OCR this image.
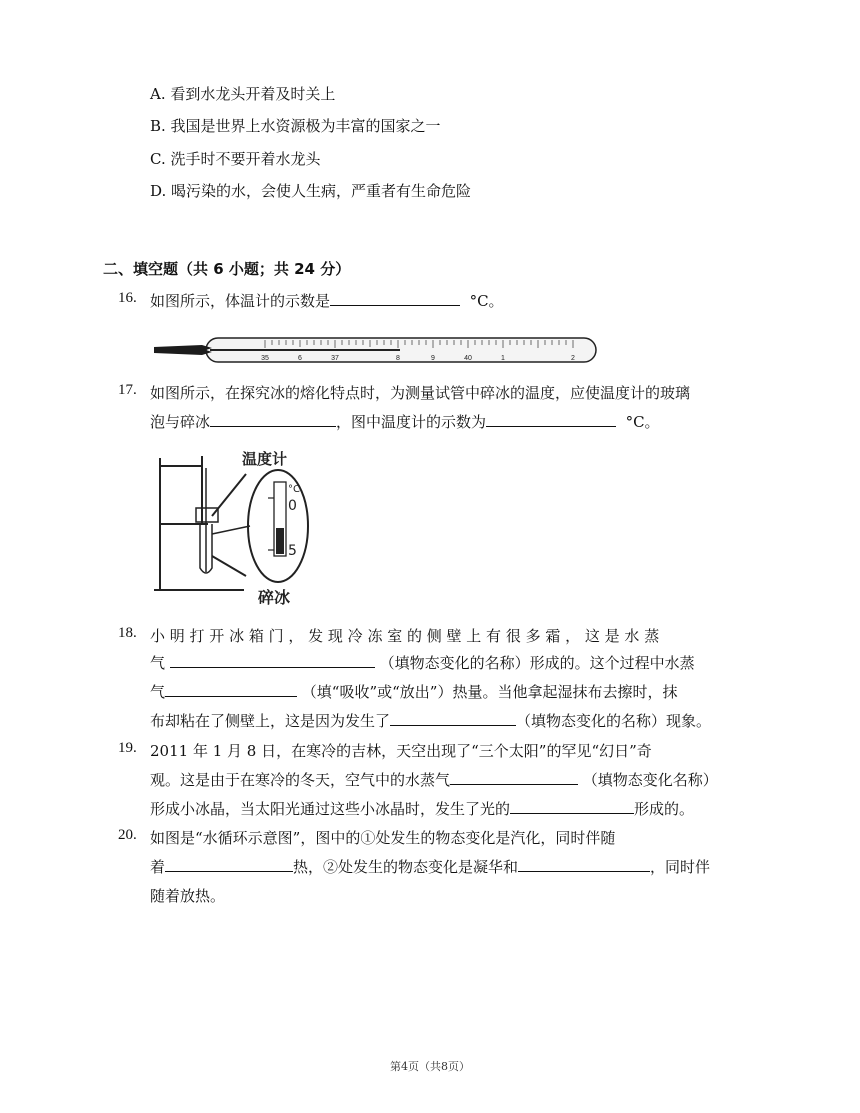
A. 看到水龙头开着及时关上
B. 我国是世界上水资源极为丰富的国家之一
C. 洗手时不要开着水龙头
D. 喝污染的水，会使人生病，严重者有生命危险
二、填空题（共 6 小题；共 24 分）
16. 如图所示，体温计的示数是	°C。
35	6	37	8	9	40	1	2
17. 如图所示，在探究冰的熔化特点时，为测量试管中碎冰的温度，应使温度计的玻璃
泡与碎冰	，图中温度计的示数为	°C。
温度计
碎冰
°C
0
5
18. 小 明 打 开 冰 箱 门 ， 发 现 冷 冻 室 的 侧 壁 上 有 很 多 霜 ， 这 是 水 蒸
气	（填物态变化的名称）形成的。这个过程中水蒸
气	（填“吸收”或“放出”）热量。当他拿起湿抹布去擦时，抹
布却粘在了侧壁上，这是因为发生了	（填物态变化的名称）现象。
19. 2011 年 1 月 8 日，在寒冷的吉林，天空出现了“三个太阳”的罕见“幻日”奇
观。这是由于在寒冷的冬天，空气中的水蒸气	（填物态变化名称）
形成小冰晶，当太阳光通过这些小冰晶时，发生了光的	形成的。
20. 如图是“水循环示意图”，图中的①处发生的物态变化是汽化，同时伴随
着	热，②处发生的物态变化是凝华和	，同时伴
随着放热。
第4页（共8页）
